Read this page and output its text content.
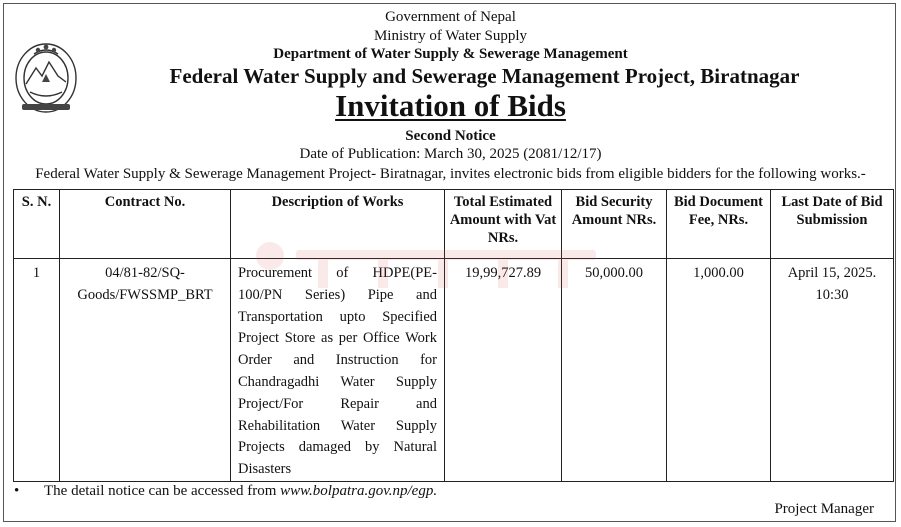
Government of Nepal
Ministry of Water Supply
Department of Water Supply & Sewerage Management
Federal Water Supply and Sewerage Management Project, Biratnagar
Invitation of Bids
Second Notice
Date of Publication: March 30, 2025 (2081/12/17)
Federal Water Supply & Sewerage Management Project- Biratnagar, invites electronic bids from eligible bidders for the following works.-
S. N.	Contract No.	Description of Works	Total Estimated Amount with Vat NRs.	Bid Security Amount NRs.	Bid Document Fee, NRs.	Last Date of Bid Submission
1	04/81-82/SQ-Goods/FWSSMP_BRT	Procurement of HDPE(PE-100/PN Series) Pipe and Transportation upto Specified Project Store as per Office Work Order and Instruction for Chandragadhi Water Supply Project/For Repair and Rehabilitation Water Supply Projects damaged by Natural Disasters	19,99,727.89	50,000.00	1,000.00	April 15, 2025. 10:30
• The detail notice can be accessed from www.bolpatra.gov.np/egp.
Project Manager
